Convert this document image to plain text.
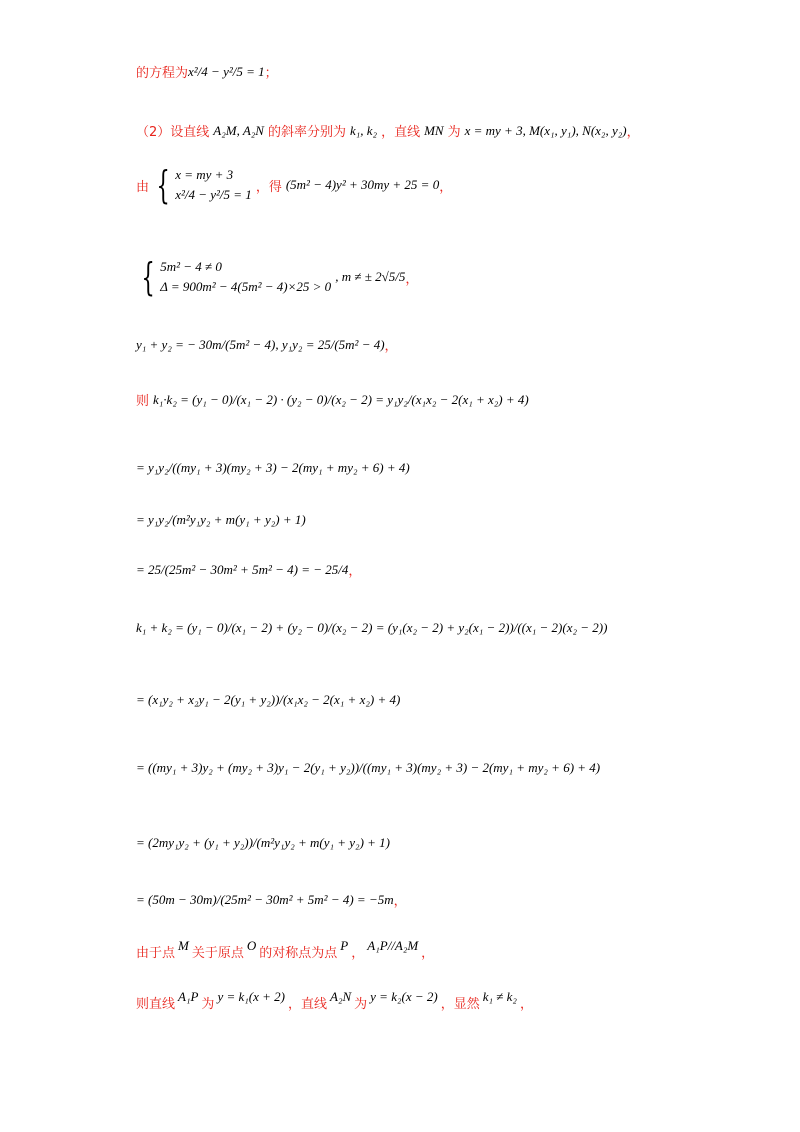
的方程为 x²/4 − y²/5 = 1 ；
（2）设直线 A₂M, A₂N 的斜率分别为 k₁, k₂ ，直线 MN 为 x = my + 3, M(x₁, y₁), N(x₂, y₂) ，
由 { x = my + 3
x²/4 − y²/5 = 1 ，得 (5m² − 4)y² + 30my + 25 = 0 ，
{ 5m² − 4 ≠ 0
Δ = 900m² − 4(5m² − 4)×25 > 0
, m ≠ ± 2√5/5 ，
y₁ + y₂ = − 30m/(5m² − 4), y₁y₂ = 25/(5m² − 4) ，
则 k₁·k₂ = (y₁ − 0)/(x₁ − 2) · (y₂ − 0)/(x₂ − 2) = y₁y₂/(x₁x₂ − 2(x₁ + x₂) + 4)
= y₁y₂/((my₁ + 3)(my₂ + 3) − 2(my₁ + my₂ + 6) + 4)
= y₁y₂/(m²y₁y₂ + m(y₁ + y₂) + 1)
= 25/(25m² − 30m² + 5m² − 4) = − 25/4 ，
k₁ + k₂ = (y₁ − 0)/(x₁ − 2) + (y₂ − 0)/(x₂ − 2) = (y₁(x₂ − 2) + y₂(x₁ − 2))/((x₁ − 2)(x₂ − 2))
= (x₁y₂ + x₂y₁ − 2(y₁ + y₂))/(x₁x₂ − 2(x₁ + x₂) + 4)
= ((my₁ + 3)y₂ + (my₂ + 3)y₁ − 2(y₁ + y₂))/((my₁ + 3)(my₂ + 3) − 2(my₁ + my₂ + 6) + 4)
= (2my₁y₂ + (y₁ + y₂))/(m²y₁y₂ + m(y₁ + y₂) + 1)
= (50m − 30m)/(25m² − 30m² + 5m² − 4) = −5m ，
由于点
M
关于原点
O
的对称点为点
P
，
A₁P//A₂M
，
则直线
A₁P
为
y = k₁(x + 2)
，直线
A₂N
为
y = k₂(x − 2)
，显然
k₁ ≠ k₂
，
